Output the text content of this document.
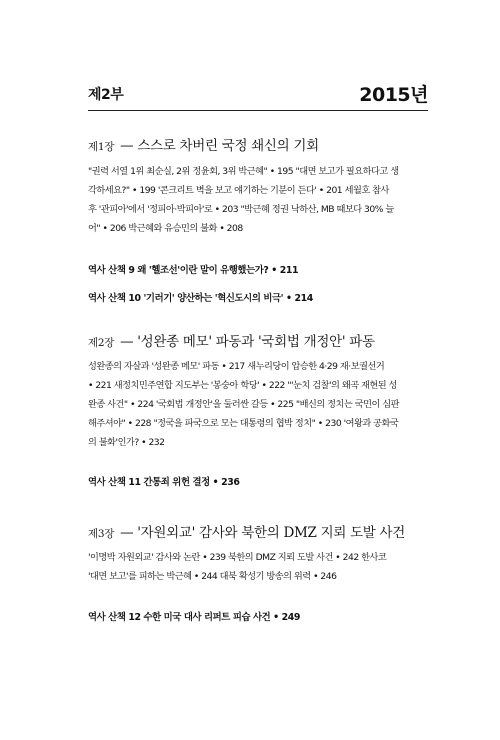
제2부	2015년
제1장 — 스스로 차버린 국정 쇄신의 기회
"권력 서열 1위 최순실, 2위 정윤회, 3위 박근혜" • 195 "대면 보고가 필요하다고 생
각하세요?" • 199 '콘크리트 벽을 보고 얘기하는 기분이 든다' • 201 세월호 참사
후 '관피아'에서 '정피아·박피아'로 • 203 "박근혜 정권 낙하산, MB 때보다 30% 늘
어" • 206 박근혜와 유승민의 불화 • 208
역사 산책 9 왜 '헬조선'이란 말이 유행했는가? • 211
역사 산책 10 '기러기' 양산하는 '혁신도시의 비극' • 214
제2장 — '성완종 메모' 파동과 '국회법 개정안' 파동
성완종의 자살과 '성완종 메모' 파동 • 217 새누리당이 압승한 4·29 재·보궐선거
• 221 새정치민주연합 지도부는 '봉숭아 학당' • 222 "'눈치 검찰'의 왜곡 재현된 성
완종 사건" • 224 '국회법 개정안'을 둘러싼 갈등 • 225 "배신의 정치는 국민이 심판
해주셔야" • 228 "정국을 파국으로 모는 대통령의 협박 정치" • 230 '여왕과 공화국
의 불화'인가? • 232
역사 산책 11 간통죄 위헌 결정 • 236
제3장 — '자원외교' 감사와 북한의 DMZ 지뢰 도발 사건
'이명박 자원외교' 감사와 논란 • 239 북한의 DMZ 지뢰 도발 사건 • 242 한사코
'대면 보고'를 피하는 박근혜 • 244 대북 확성기 방송의 위력 • 246
역사 산책 12 수한 미국 대사 리퍼트 피습 사건 • 249
